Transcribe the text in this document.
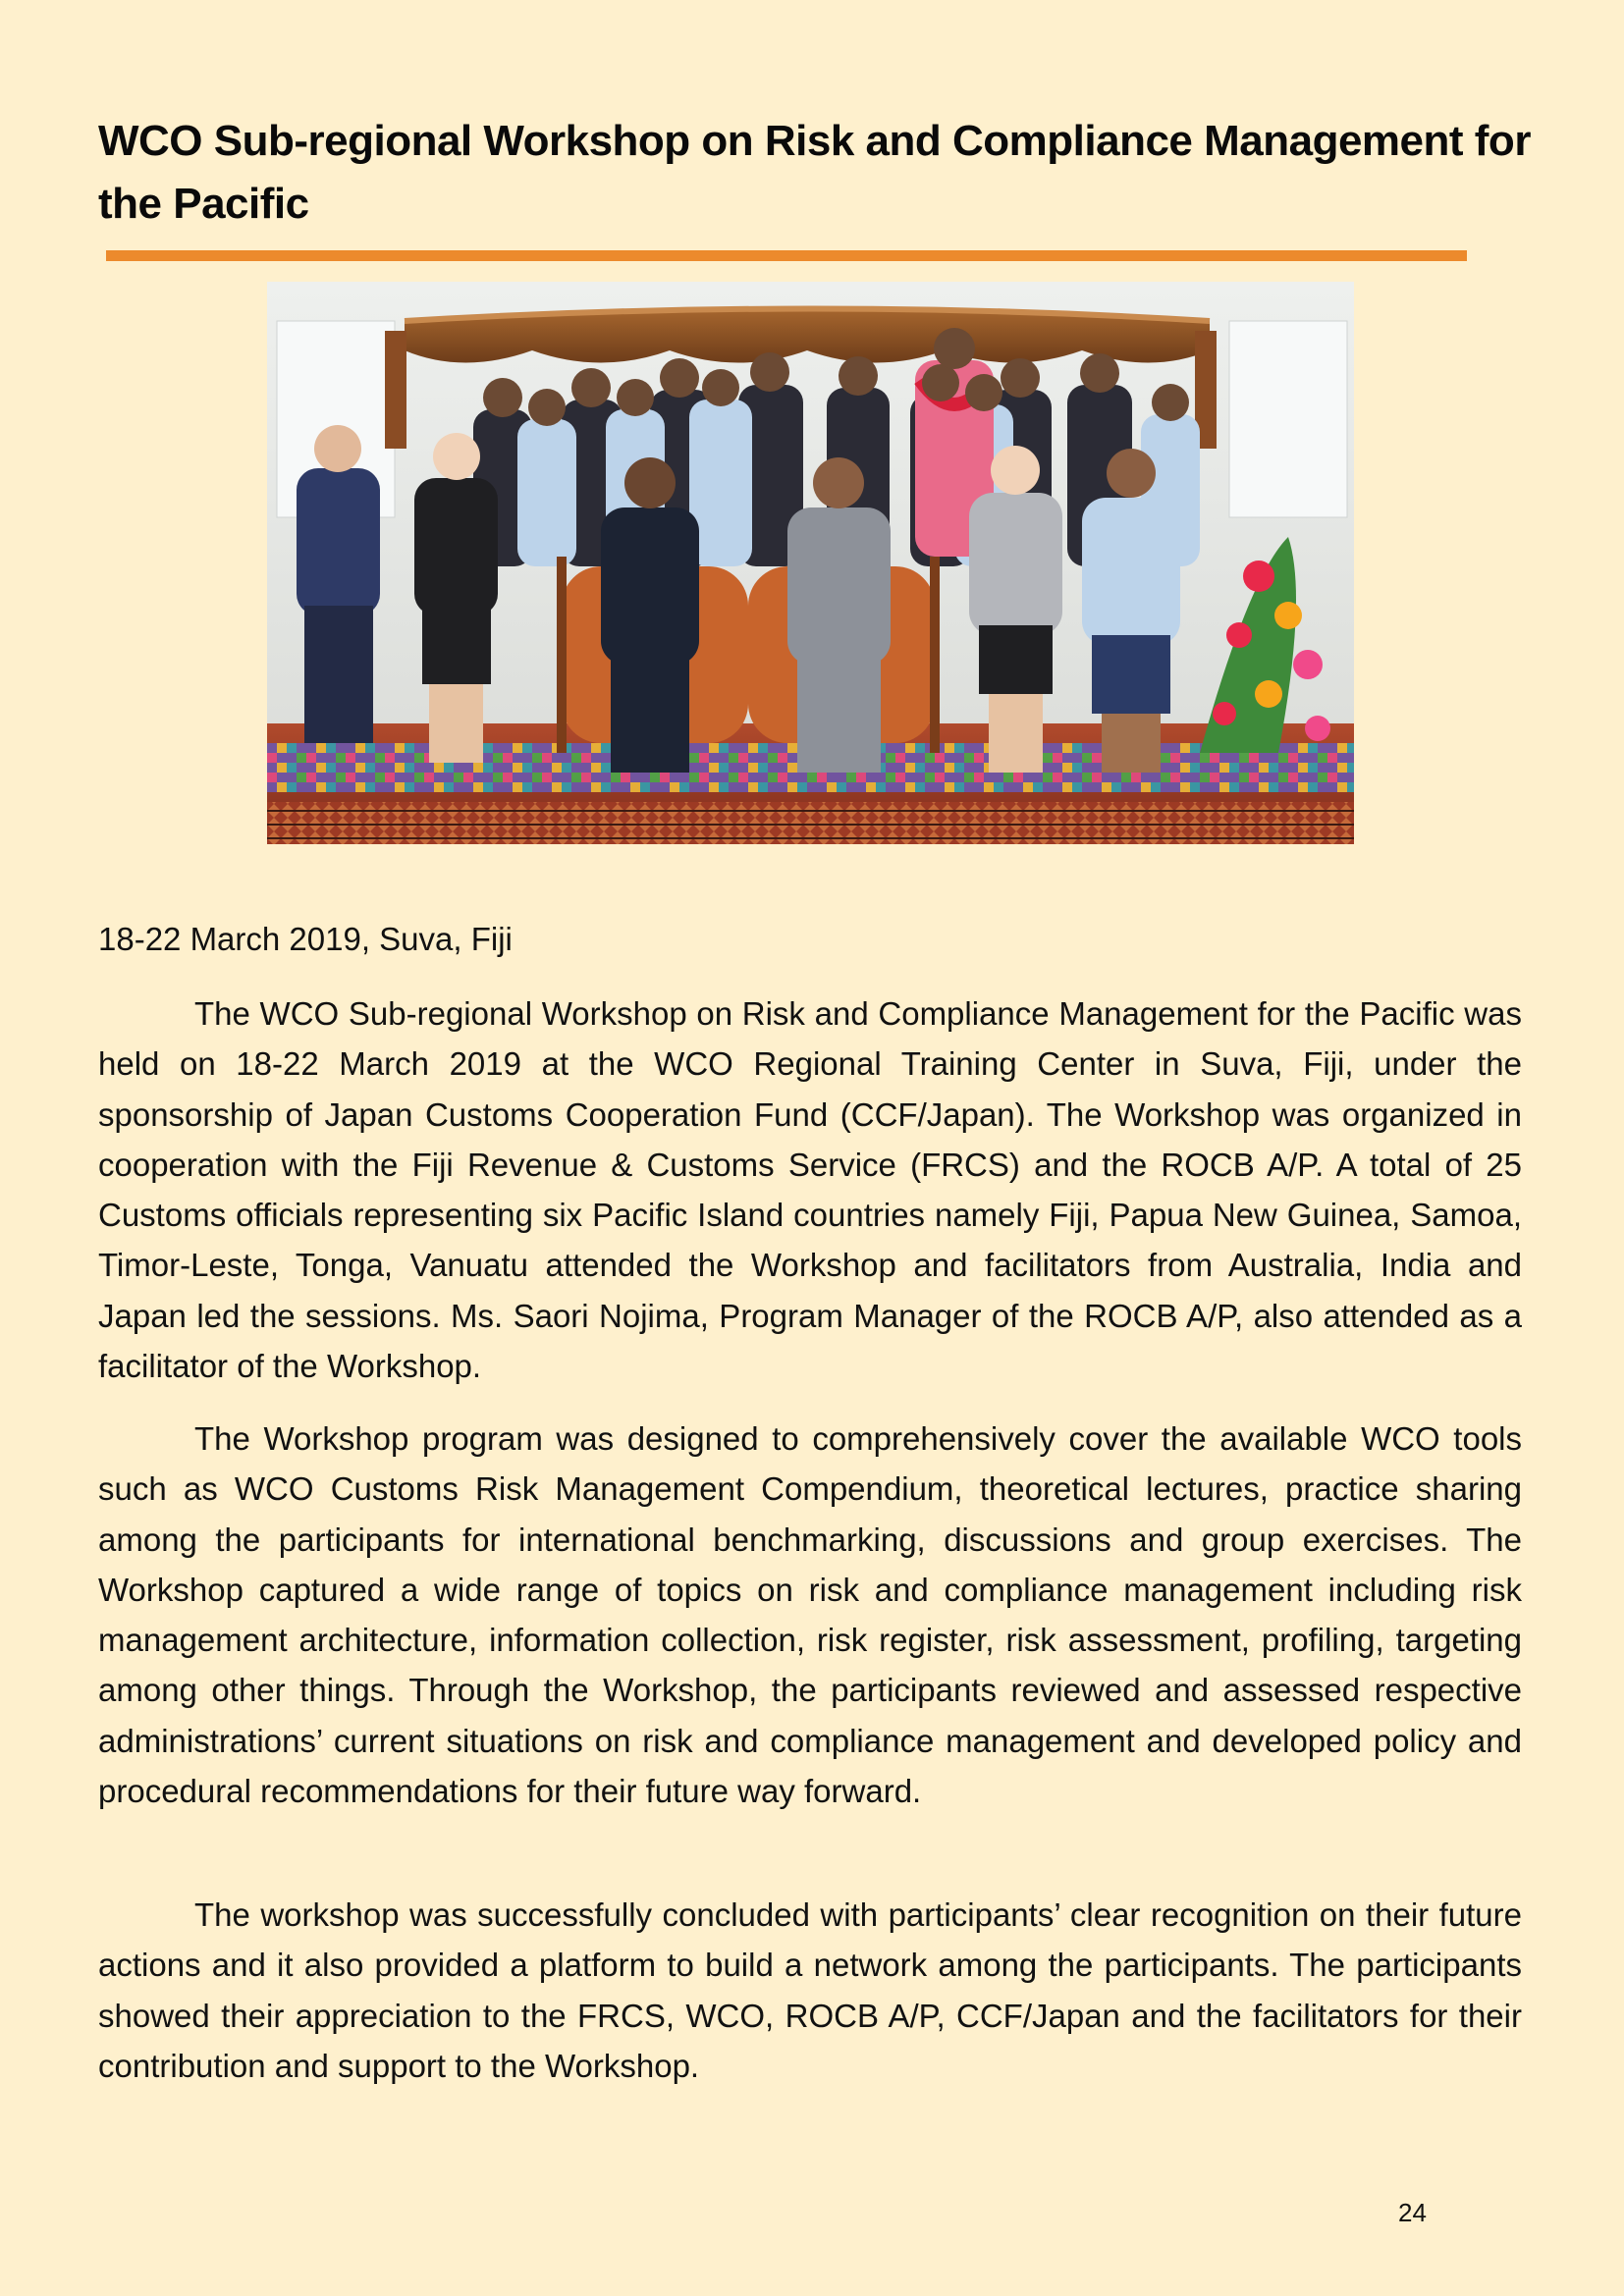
WCO Sub-regional Workshop on Risk and Compliance Management for the Pacific
18-22 March 2019, Suva, Fiji

The WCO Sub-regional Workshop on Risk and Compliance Management for the Pacific was held on 18-22 March 2019 at the WCO Regional Training Center in Suva, Fiji, under the sponsorship of Japan Customs Cooperation Fund (CCF/Japan). The Workshop was organized in cooperation with the Fiji Revenue & Customs Service (FRCS) and the ROCB A/P. A total of 25 Customs officials representing six Pacific Island countries namely Fiji, Papua New Guinea, Samoa, Timor-Leste, Tonga, Vanuatu attended the Workshop and facilitators from Australia, India and Japan led the sessions. Ms. Saori Nojima, Program Manager of the ROCB A/P, also attended as a facilitator of the Workshop.

The Workshop program was designed to comprehensively cover the available WCO tools such as WCO Customs Risk Management Compendium, theoretical lectures, practice sharing among the participants for international benchmarking, discussions and group exercises. The Workshop captured a wide range of topics on risk and compliance management including risk management architecture, information collection, risk register, risk assessment, profiling, targeting among other things. Through the Workshop, the participants reviewed and assessed respective administrations’ current situations on risk and compliance management and developed policy and procedural recommendations for their future way forward.

The workshop was successfully concluded with participants’ clear recognition on their future actions and it also provided a platform to build a network among the participants. The participants showed their appreciation to the FRCS, WCO, ROCB A/P, CCF/Japan and the facilitators for their contribution and support to the Workshop.

24
